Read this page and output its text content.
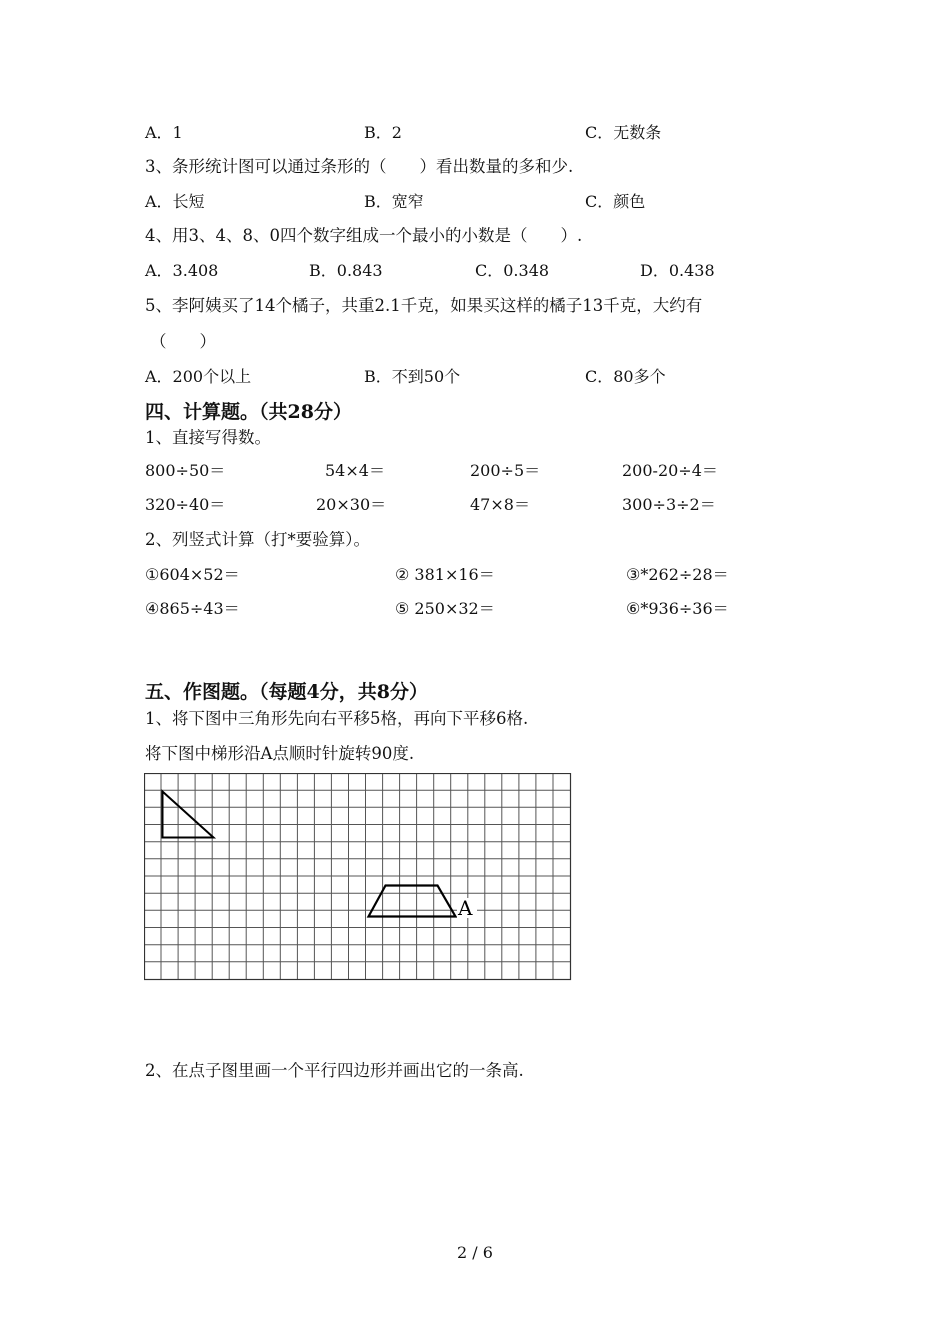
A．1	B．2	C．无数条
3、条形统计图可以通过条形的（　　）看出数量的多和少.
A．长短	B．宽窄	C．颜色
4、用3、4、8、0四个数字组成一个最小的小数是（　　）.
A．3.408	B．0.843	C．0.348	D．0.438
5、李阿姨买了14个橘子，共重2.1千克，如果买这样的橘子13千克，大约有
（　　）
A．200个以上	B．不到50个	C．80多个
四、计算题。（共28分）
1、直接写得数。
800÷50＝	54×4＝	200÷5＝	200-20÷4＝
320÷40＝	20×30＝	47×8＝	300÷3÷2＝
2、列竖式计算（打*要验算）。
①604×52＝	② 381×16＝	③*262÷28＝
④865÷43＝	⑤ 250×32＝	⑥*936÷36＝
五、作图题。（每题4分，共8分）
1、将下图中三角形先向右平移5格，再向下平移6格.
将下图中梯形沿A点顺时针旋转90度.
A
2、在点子图里画一个平行四边形并画出它的一条高.
2 / 6
